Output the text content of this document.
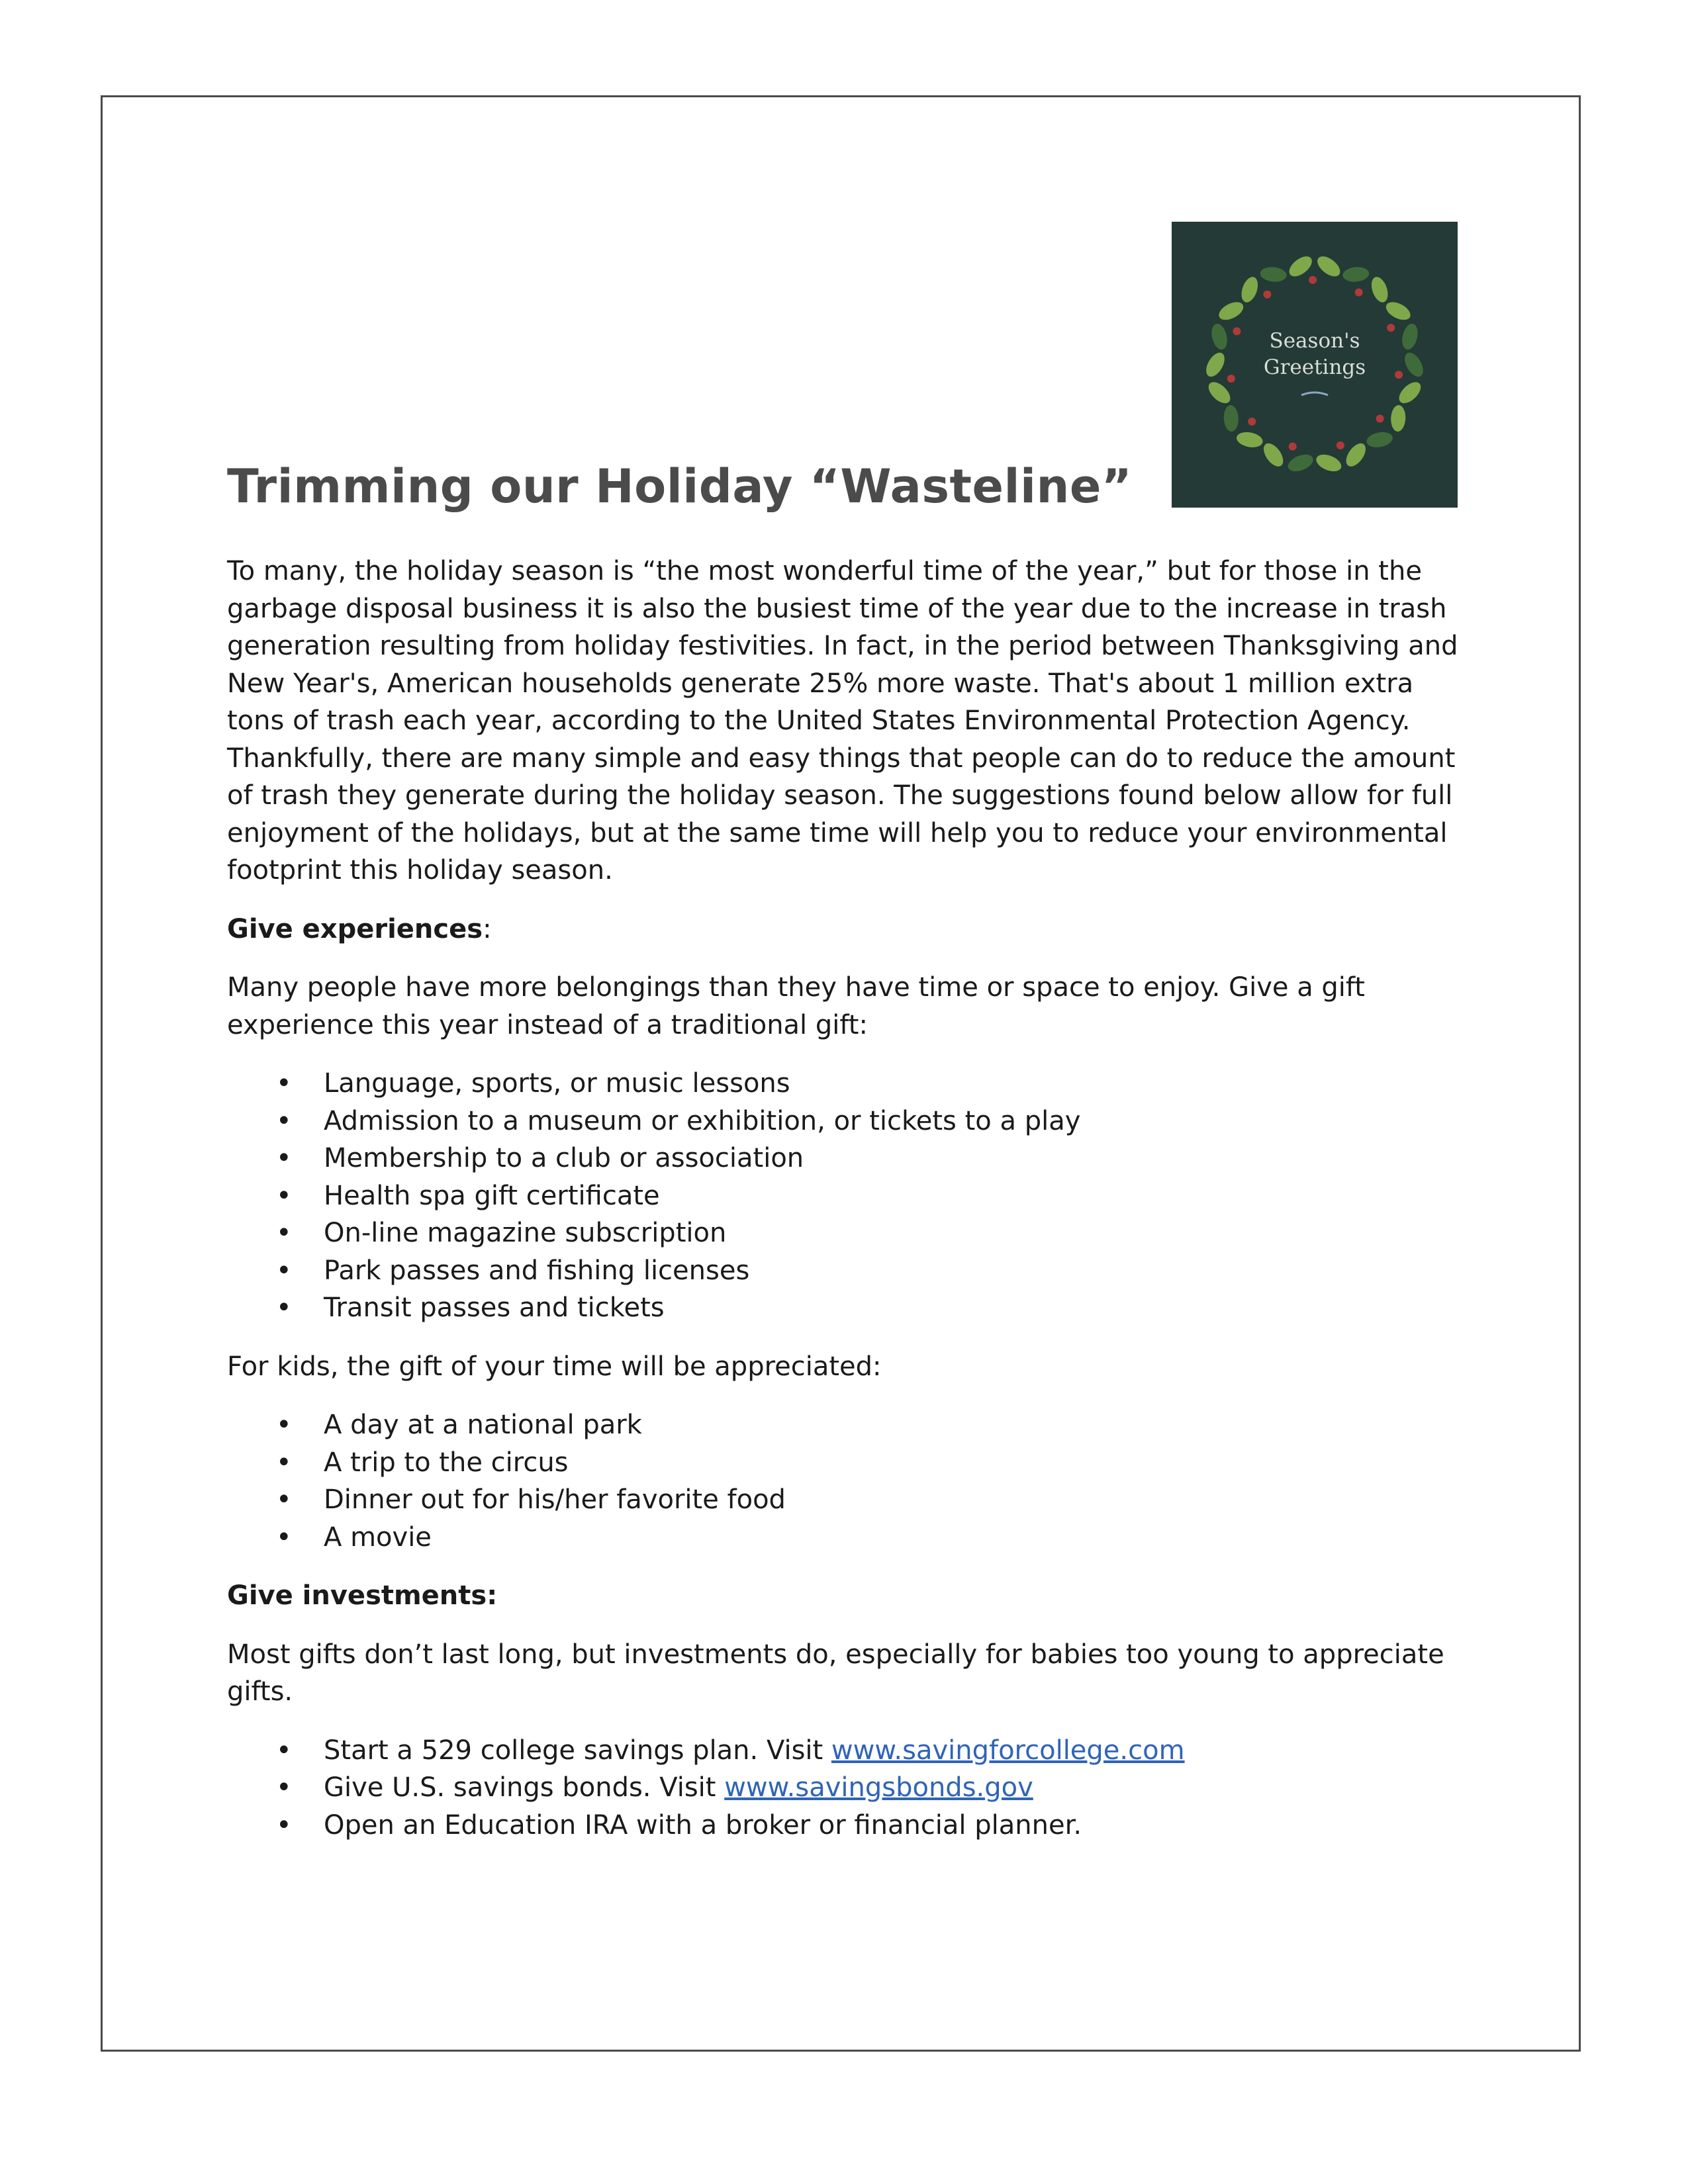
Season's
Greetings
Trimming our Holiday “Wasteline”

To many, the holiday season is “the most wonderful time of the year,” but for those in the garbage disposal business it is also the busiest time of the year due to the increase in trash generation resulting from holiday festivities. In fact, in the period between Thanksgiving and New Year's, American households generate 25% more waste. That's about 1 million extra tons of trash each year, according to the United States Environmental Protection Agency. Thankfully, there are many simple and easy things that people can do to reduce the amount of trash they generate during the holiday season. The suggestions found below allow for full enjoyment of the holidays, but at the same time will help you to reduce your environmental footprint this holiday season.

Give experiences:

Many people have more belongings than they have time or space to enjoy. Give a gift experience this year instead of a traditional gift:

• Language, sports, or music lessons
• Admission to a museum or exhibition, or tickets to a play
• Membership to a club or association
• Health spa gift certificate
• On-line magazine subscription
• Park passes and fishing licenses
• Transit passes and tickets

For kids, the gift of your time will be appreciated:

• A day at a national park
• A trip to the circus
• Dinner out for his/her favorite food
• A movie
Give investments:

Most gifts don’t last long, but investments do, especially for babies too young to appreciate gifts.

• Start a 529 college savings plan. Visit www.savingforcollege.com
• Give U.S. savings bonds. Visit www.savingsbonds.gov
• Open an Education IRA with a broker or financial planner.
